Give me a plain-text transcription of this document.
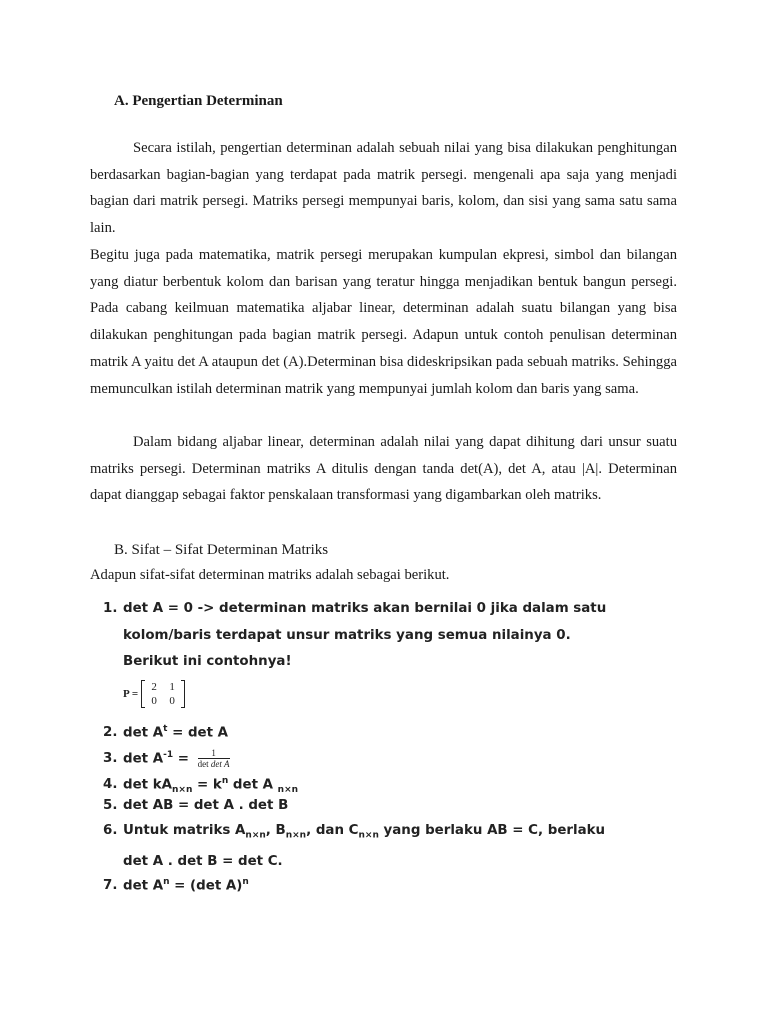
A. Pengertian Determinan

Secara istilah, pengertian determinan adalah sebuah nilai yang bisa dilakukan penghitungan berdasarkan bagian-bagian yang terdapat pada matrik persegi. mengenali apa saja yang menjadi bagian dari matrik persegi. Matriks persegi mempunyai baris, kolom, dan sisi yang sama satu sama lain.

Begitu juga pada matematika, matrik persegi merupakan kumpulan ekpresi, simbol dan bilangan yang diatur berbentuk kolom dan barisan yang teratur hingga menjadikan bentuk bangun persegi. Pada cabang keilmuan matematika aljabar linear, determinan adalah suatu bilangan yang bisa dilakukan penghitungan pada bagian matrik persegi. Adapun untuk contoh penulisan determinan matrik A yaitu det A ataupun det (A).Determinan bisa dideskripsikan pada sebuah matriks. Sehingga memunculkan istilah determinan matrik yang mempunyai jumlah kolom dan baris yang sama.

Dalam bidang aljabar linear, determinan adalah nilai yang dapat dihitung dari unsur suatu matriks persegi. Determinan matriks A ditulis dengan tanda det(A), det A, atau |A|. Determinan dapat dianggap sebagai faktor penskalaan transformasi yang digambarkan oleh matriks.

B. Sifat – Sifat Determinan Matriks
Adapun sifat-sifat determinan matriks adalah sebagai berikut.
1. det A = 0 -> determinan matriks akan bernilai 0 jika dalam satu
kolom/baris terdapat unsur matriks yang semua nilainya 0.
Berikut ini contohnya!
P =
2	1
0	0
2. $\det A^t = \det A$
3. $\det A^{-1} = \frac{1}{\text{det det A}}$
4. $\det kA_{n\times n} = k^n$ det A $_{n\times n}$
5. det AB = det A . det B
6. Untuk matriks $A_{n\times n}$, $B_{n\times n}$, dan $C_{n\times n}$ yang berlaku AB = C, berlaku
det A . det B = det C.
7. $\det A^n = (\det$ A)$^n$
